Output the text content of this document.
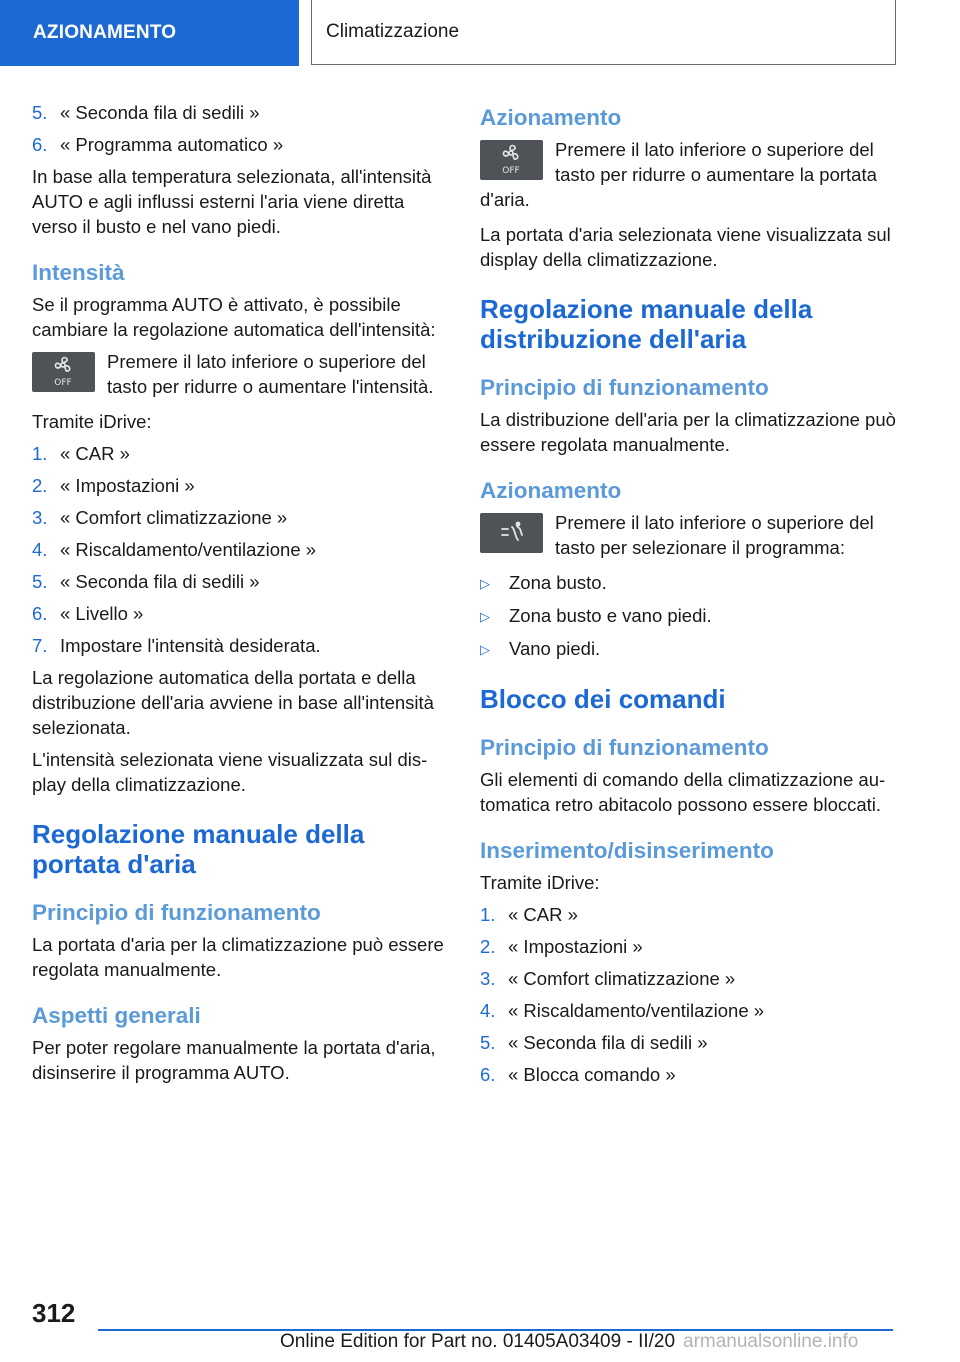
AZIONAMENTO	Climatizzazione
5. « Seconda fila di sedili »
6. « Programma automatico »

In base alla temperatura selezionata, all'intensità AUTO e agli influssi esterni l'aria viene diretta verso il busto e nel vano piedi.

Intensità

Se il programma AUTO è attivato, è possibile cambiare la regolazione automatica dell'intensità:

OFF
Premere il lato inferiore o superiore del tasto per ridurre o aumentare l'intensità.

Tramite iDrive:

1. « CAR »
2. « Impostazioni »
3. « Comfort climatizzazione »
4. « Riscaldamento/ventilazione »
5. « Seconda fila di sedili »
6. « Livello »
7. Impostare l'intensità desiderata.

La regolazione automatica della portata e della distribuzione dell'aria avviene in base all'intensità selezionata.

L'intensità selezionata viene visualizzata sul display della climatizzazione.

Regolazione manuale della portata d'aria
Principio di funzionamento

La portata d'aria per la climatizzazione può essere regolata manualmente.

Aspetti generali

Per poter regolare manualmente la portata d'aria, disinserire il programma AUTO.

Azionamento
OFF
Premere il lato inferiore o superiore del tasto per ridurre o aumentare la portata d'aria.

La portata d'aria selezionata viene visualizzata sul display della climatizzazione.

Regolazione manuale della distribuzione dell'aria
Principio di funzionamento

La distribuzione dell'aria per la climatizzazione può essere regolata manualmente.

Azionamento
Premere il lato inferiore o superiore del tasto per selezionare il programma:
▷	Zona busto.
▷	Zona busto e vano piedi.
▷	Vano piedi.
Blocco dei comandi
Principio di funzionamento

Gli elementi di comando della climatizzazione automatica retro abitacolo possono essere bloccati.

Inserimento/disinserimento

Tramite iDrive:

1. « CAR »
2. « Impostazioni »
3. « Comfort climatizzazione »
4. « Riscaldamento/ventilazione »
5. « Seconda fila di sedili »
6. « Blocca comando »
312
Online Edition for Part no. 01405A03409 - II/20 armanualsonline.info
